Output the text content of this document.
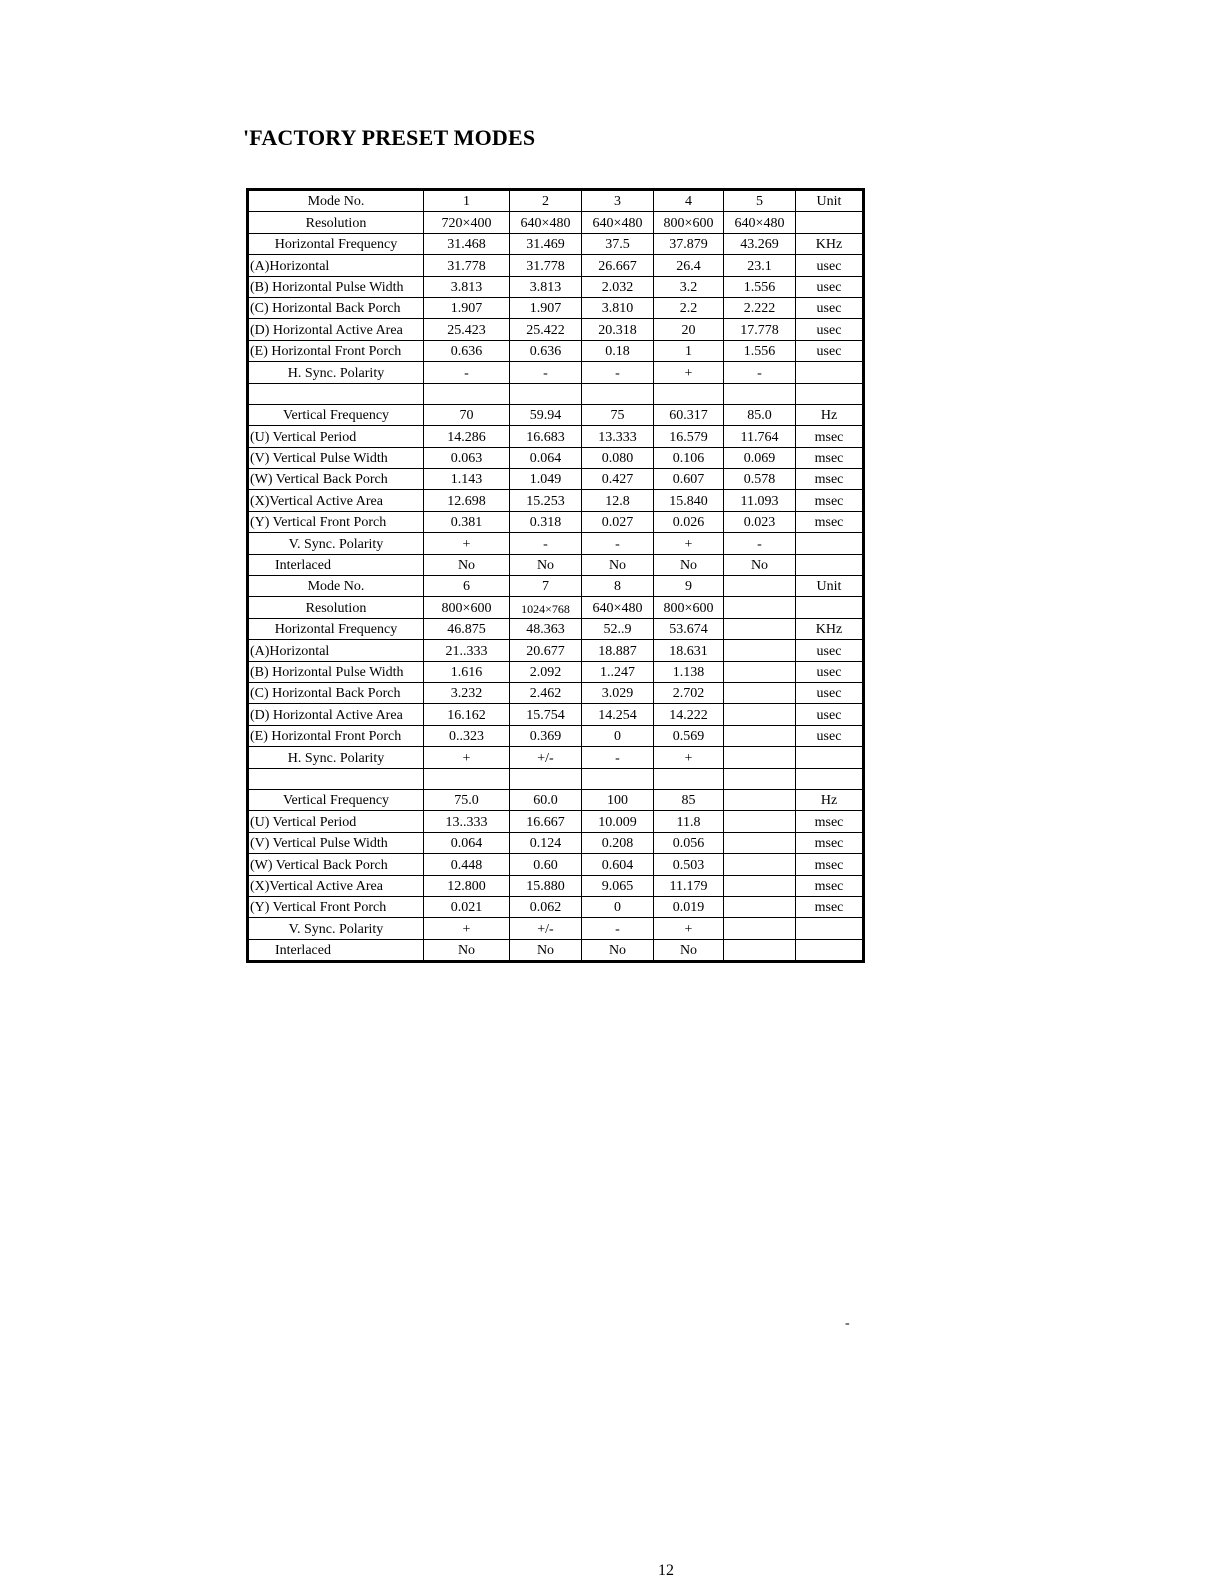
'FACTORY PRESET MODES
Mode No.	1	2	3	4	5	Unit
Resolution	720×400	640×480	640×480	800×600	640×480	
Horizontal Frequency	31.468	31.469	37.5	37.879	43.269	KHz
(A)Horizontal	31.778	31.778	26.667	26.4	23.1	usec
(B) Horizontal Pulse Width	3.813	3.813	2.032	3.2	1.556	usec
(C) Horizontal Back Porch	1.907	1.907	3.810	2.2	2.222	usec
(D) Horizontal Active Area	25.423	25.422	20.318	20	17.778	usec
(E) Horizontal Front Porch	0.636	0.636	0.18	1	1.556	usec
H. Sync. Polarity	-	-	-	+	-	

Vertical Frequency	70	59.94	75	60.317	85.0	Hz
(U) Vertical Period	14.286	16.683	13.333	16.579	11.764	msec
(V) Vertical Pulse Width	0.063	0.064	0.080	0.106	0.069	msec
(W) Vertical Back Porch	1.143	1.049	0.427	0.607	0.578	msec
(X)Vertical Active Area	12.698	15.253	12.8	15.840	11.093	msec
(Y) Vertical Front Porch	0.381	0.318	0.027	0.026	0.023	msec
V. Sync. Polarity	+	-	-	+	-	
Interlaced	No	No	No	No	No	
Mode No.	6	7	8	9		Unit
Resolution	800×600	1024×768	640×480	800×600		
Horizontal Frequency	46.875	48.363	52..9	53.674		KHz
(A)Horizontal	21..333	20.677	18.887	18.631		usec
(B) Horizontal Pulse Width	1.616	2.092	1..247	1.138		usec
(C) Horizontal Back Porch	3.232	2.462	3.029	2.702		usec
(D) Horizontal Active Area	16.162	15.754	14.254	14.222		usec
(E) Horizontal Front Porch	0..323	0.369	0	0.569		usec
H. Sync. Polarity	+	+/-	-	+		

Vertical Frequency	75.0	60.0	100	85		Hz
(U) Vertical Period	13..333	16.667	10.009	11.8		msec
(V) Vertical Pulse Width	0.064	0.124	0.208	0.056		msec
(W) Vertical Back Porch	0.448	0.60	0.604	0.503		msec
(X)Vertical Active Area	12.800	15.880	9.065	11.179		msec
(Y) Vertical Front Porch	0.021	0.062	0	0.019		msec
V. Sync. Polarity	+	+/-	-	+		
Interlaced	No	No	No	No		
-
12
